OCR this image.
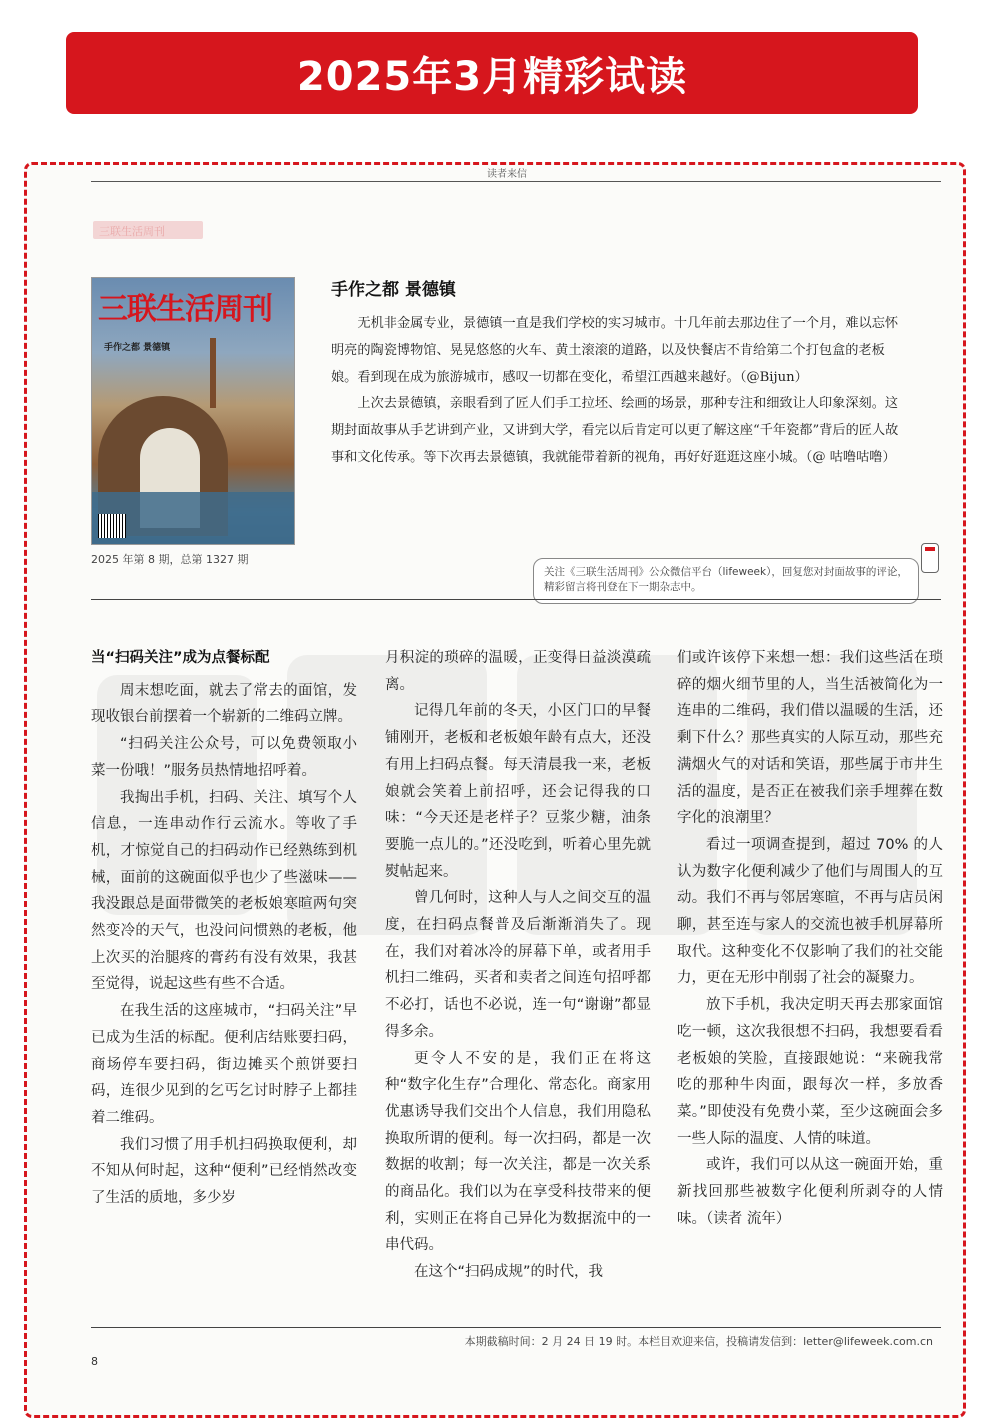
2025年3月精彩试读
读者来信
三联生活周刊
三联生活周刊
手作之都 景德镇
2025 年第 8 期，总第 1327 期
手作之都 景德镇

无机非金属专业，景德镇一直是我们学校的实习城市。十几年前去那边住了一个月，难以忘怀明亮的陶瓷博物馆、晃晃悠悠的火车、黄土滚滚的道路，以及快餐店不肯给第二个打包盒的老板娘。看到现在成为旅游城市，感叹一切都在变化，希望江西越来越好。（@Bijun）

上次去景德镇，亲眼看到了匠人们手工拉坯、绘画的场景，那种专注和细致让人印象深刻。这期封面故事从手艺讲到产业，又讲到大学，看完以后肯定可以更了解这座“千年瓷都”背后的匠人故事和文化传承。等下次再去景德镇，我就能带着新的视角，再好好逛逛这座小城。（@ 咕噜咕噜）

关注《三联生活周刊》公众微信平台（lifeweek），回复您对封面故事的评论，精彩留言将刊登在下一期杂志中。
当“扫码关注”成为点餐标配

周末想吃面，就去了常去的面馆，发现收银台前摆着一个崭新的二维码立牌。

“扫码关注公众号，可以免费领取小菜一份哦！”服务员热情地招呼着。

我掏出手机，扫码、关注、填写个人信息，一连串动作行云流水。等收了手机，才惊觉自己的扫码动作已经熟练到机械，面前的这碗面似乎也少了些滋味——我没跟总是面带微笑的老板娘寒暄两句突然变冷的天气，也没问问惯熟的老板，他上次买的治腿疼的膏药有没有效果，我甚至觉得，说起这些有些不合适。

在我生活的这座城市，“扫码关注”早已成为生活的标配。便利店结账要扫码，商场停车要扫码，街边摊买个煎饼要扫码，连很少见到的乞丐乞讨时脖子上都挂着二维码。

我们习惯了用手机扫码换取便利，却不知从何时起，这种“便利”已经悄然改变了生活的质地，多少岁

月积淀的琐碎的温暖，正变得日益淡漠疏离。

记得几年前的冬天，小区门口的早餐铺刚开，老板和老板娘年龄有点大，还没有用上扫码点餐。每天清晨我一来，老板娘就会笑着上前招呼，还会记得我的口味：“今天还是老样子？豆浆少糖，油条要脆一点儿的。”还没吃到，听着心里先就熨帖起来。

曾几何时，这种人与人之间交互的温度，在扫码点餐普及后渐渐消失了。现在，我们对着冰冷的屏幕下单，或者用手机扫二维码，买者和卖者之间连句招呼都不必打，话也不必说，连一句“谢谢”都显得多余。

更令人不安的是，我们正在将这种“数字化生存”合理化、常态化。商家用优惠诱导我们交出个人信息，我们用隐私换取所谓的便利。每一次扫码，都是一次数据的收割；每一次关注，都是一次关系的商品化。我们以为在享受科技带来的便利，实则正在将自己异化为数据流中的一串代码。

在这个“扫码成规”的时代，我

们或许该停下来想一想：我们这些活在琐碎的烟火细节里的人，当生活被简化为一连串的二维码，我们借以温暖的生活，还剩下什么？那些真实的人际互动，那些充满烟火气的对话和笑语，那些属于市井生活的温度，是否正在被我们亲手埋葬在数字化的浪潮里？

看过一项调查提到，超过 70% 的人认为数字化便利减少了他们与周围人的互动。我们不再与邻居寒暄，不再与店员闲聊，甚至连与家人的交流也被手机屏幕所取代。这种变化不仅影响了我们的社交能力，更在无形中削弱了社会的凝聚力。

放下手机，我决定明天再去那家面馆吃一顿，这次我很想不扫码，我想要看看老板娘的笑脸，直接跟她说：“来碗我常吃的那种牛肉面，跟每次一样，多放香菜。”即使没有免费小菜，至少这碗面会多一些人际的温度、人情的味道。

或许，我们可以从这一碗面开始，重新找回那些被数字化便利所剥夺的人情味。（读者 流年）

本期截稿时间：2 月 24 日 19 时。本栏目欢迎来信，投稿请发信到：letter@lifeweek.com.cn
8
